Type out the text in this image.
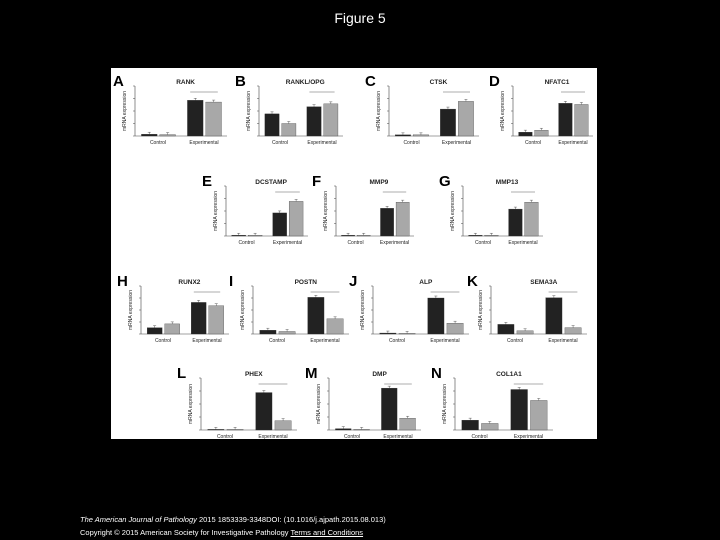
Figure 5
A	RANK
mRNA expression
Control	Experimental
B	RANKL/OPG
mRNA expression
Control	Experimental
C	CTSK
mRNA expression
Control	Experimental
D	NFATC1
mRNA expression
Control	Experimental
E	DCSTAMP
mRNA expression
Control	Experimental
F	MMP9
mRNA expression
Control	Experimental
G	MMP13
mRNA expression
Control	Experimental
H	RUNX2
mRNA expression
Control	Experimental
I	POSTN
mRNA expression
Control	Experimental
J	ALP
mRNA expression
Control	Experimental
K	SEMA3A
mRNA expression
Control	Experimental
L	PHEX
mRNA expression
Control	Experimental
M	DMP
mRNA expression
Control	Experimental
N	COL1A1
mRNA expression
Control	Experimental
The American Journal of Pathology 2015 1853339-3348DOI: (10.1016/j.ajpath.2015.08.013)
Copyright © 2015 American Society for Investigative Pathology Terms and Conditions
